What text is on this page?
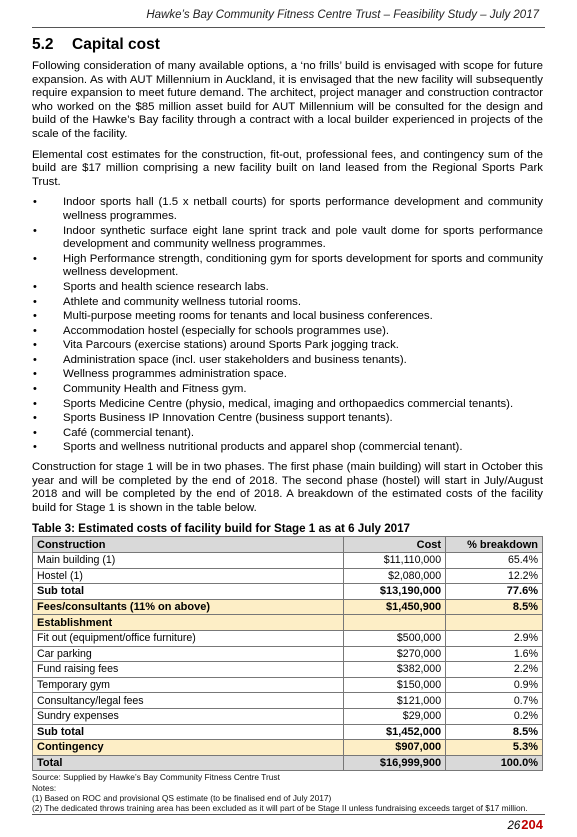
Hawke’s Bay Community Fitness Centre Trust – Feasibility Study – July 2017
5.2	Capital cost

Following consideration of many available options, a ‘no frills’ build is envisaged with scope for future expansion. As with AUT Millennium in Auckland, it is envisaged that the new facility will subsequently require expansion to meet future demand. The architect, project manager and construction contractor who worked on the $85 million asset build for AUT Millennium will be consulted for the design and build of the Hawke’s Bay facility through a contract with a local builder experienced in projects of the scale of the facility.

Elemental cost estimates for the construction, fit-out, professional fees, and contingency sum of the build are $17 million comprising a new facility built on land leased from the Regional Sports Park Trust.

• Indoor sports hall (1.5 x netball courts) for sports performance development and community wellness programmes.
• Indoor synthetic surface eight lane sprint track and pole vault dome for sports performance development and community wellness programmes.
• High Performance strength, conditioning gym for sports development for sports and community wellness development.
• Sports and health science research labs.
• Athlete and community wellness tutorial rooms.
• Multi-purpose meeting rooms for tenants and local business conferences.
• Accommodation hostel (especially for schools programmes use).
• Vita Parcours (exercise stations) around Sports Park jogging track.
• Administration space (incl. user stakeholders and business tenants).
• Wellness programmes administration space.
• Community Health and Fitness gym.
• Sports Medicine Centre (physio, medical, imaging and orthopaedics commercial tenants).
• Sports Business IP Innovation Centre (business support tenants).
• Café (commercial tenant).
• Sports and wellness nutritional products and apparel shop (commercial tenant).

Construction for stage 1 will be in two phases. The first phase (main building) will start in October this year and will be completed by the end of 2018. The second phase (hostel) will start in July/August 2018 and will be completed by the end of 2018. A breakdown of the estimated costs of the facility build for Stage 1 is shown in the table below.

Table 3: Estimated costs of facility build for Stage 1 as at 6 July 2017
Construction	Cost	% breakdown
Main building (1)	$11,110,000	65.4%
Hostel (1)	$2,080,000	12.2%
Sub total	$13,190,000	77.6%
Fees/consultants (11% on above)	$1,450,900	8.5%
Establishment		
Fit out (equipment/office furniture)	$500,000	2.9%
Car parking	$270,000	1.6%
Fund raising fees	$382,000	2.2%
Temporary gym	$150,000	0.9%
Consultancy/legal fees	$121,000	0.7%
Sundry expenses	$29,000	0.2%
Sub total	$1,452,000	8.5%
Contingency	$907,000	5.3%
Total	$16,999,900	100.0%
Source: Supplied by Hawke’s Bay Community Fitness Centre Trust
Notes:
(1) Based on ROC and provisional QS estimate (to be finalised end of July 2017)
(2) The dedicated throws training area has been excluded as it will part of be Stage II unless fundraising exceeds target of $17 million.
26204
